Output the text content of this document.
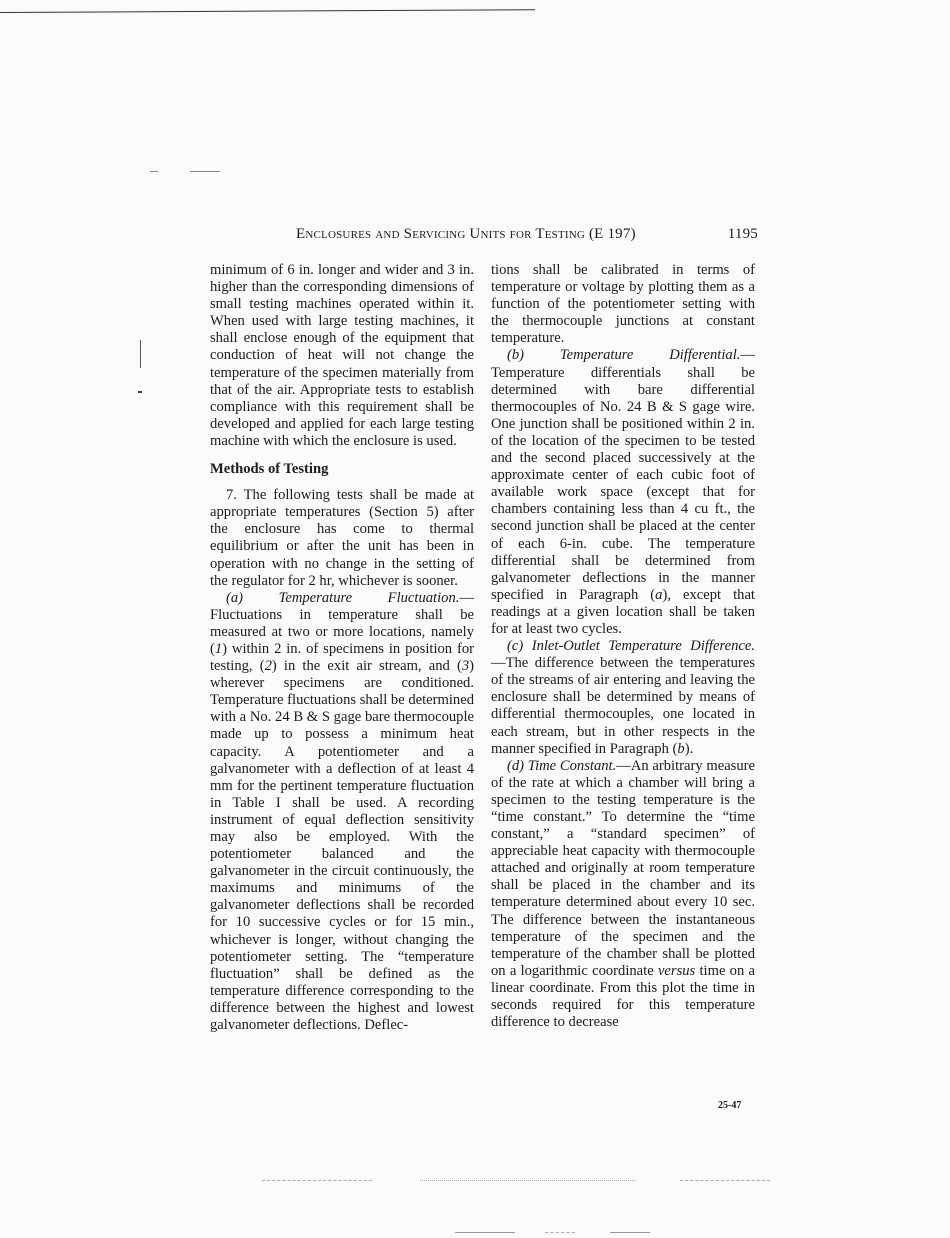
Enclosures and Servicing Units for Testing (E 197)	1195

minimum of 6 in. longer and wider and 3 in. higher than the corresponding dimensions of small testing machines operated within it. When used with large testing machines, it shall enclose enough of the equipment that conduction of heat will not change the temperature of the specimen materially from that of the air. Appropriate tests to establish compliance with this requirement shall be developed and applied for each large testing machine with which the enclosure is used.

Methods of Testing

7. The following tests shall be made at appropriate temperatures (Section 5) after the enclosure has come to thermal equilibrium or after the unit has been in operation with no change in the setting of the regulator for 2 hr, whichever is sooner.

(a) Temperature Fluctuation.—Fluctuations in temperature shall be measured at two or more locations, namely (1) within 2 in. of specimens in position for testing, (2) in the exit air stream, and (3) wherever specimens are conditioned. Temperature fluctuations shall be determined with a No. 24 B & S gage bare thermocouple made up to possess a minimum heat capacity. A potentiometer and a galvanometer with a deflection of at least 4 mm for the pertinent temperature fluctuation in Table I shall be used. A recording instrument of equal deflection sensitivity may also be employed. With the potentiometer balanced and the galvanometer in the circuit continuously, the maximums and minimums of the galvanometer deflections shall be recorded for 10 successive cycles or for 15 min., whichever is longer, without changing the potentiometer setting. The “temperature fluctuation” shall be defined as the temperature difference corresponding to the difference between the highest and lowest galvanometer deflections. Deflec-

tions shall be calibrated in terms of temperature or voltage by plotting them as a function of the potentiometer setting with the thermocouple junctions at constant temperature.

(b) Temperature Differential.—Temperature differentials shall be determined with bare differential thermocouples of No. 24 B & S gage wire. One junction shall be positioned within 2 in. of the location of the specimen to be tested and the second placed successively at the approximate center of each cubic foot of available work space (except that for chambers containing less than 4 cu ft., the second junction shall be placed at the center of each 6-in. cube. The temperature differential shall be determined from galvanometer deflections in the manner specified in Paragraph (a), except that readings at a given location shall be taken for at least two cycles.

(c) Inlet-Outlet Temperature Difference.—The difference between the temperatures of the streams of air entering and leaving the enclosure shall be determined by means of differential thermocouples, one located in each stream, but in other respects in the manner specified in Paragraph (b).

(d) Time Constant.—An arbitrary measure of the rate at which a chamber will bring a specimen to the testing temperature is the “time constant.” To determine the “time constant,” a “standard specimen” of appreciable heat capacity with thermocouple attached and originally at room temperature shall be placed in the chamber and its temperature determined about every 10 sec. The difference between the instantaneous temperature of the specimen and the temperature of the chamber shall be plotted on a logarithmic coordinate versus time on a linear coordinate. From this plot the time in seconds required for this temperature difference to decrease

25-47
